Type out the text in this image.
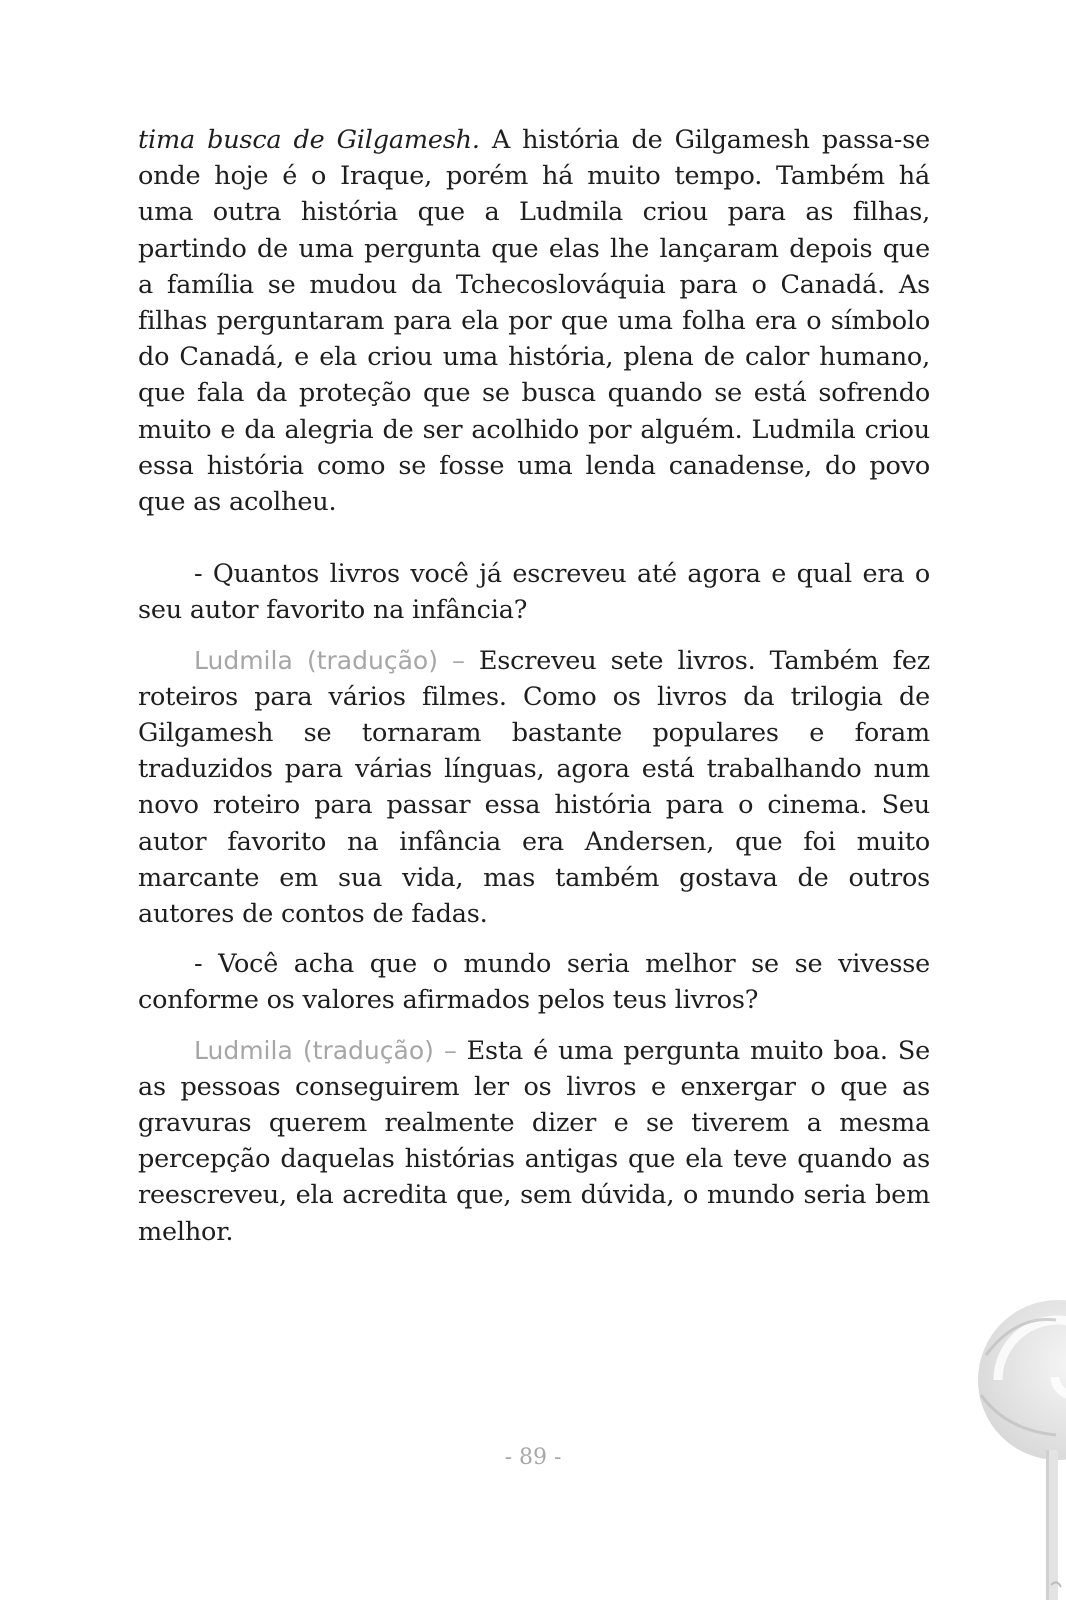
tima busca de Gilgamesh. A história de Gilgamesh passa-se onde hoje é o Iraque, porém há muito tempo. Também há uma outra história que a Ludmila criou para as filhas, partindo de uma pergunta que elas lhe lançaram depois que a família se mudou da Tchecoslováquia para o Canadá. As filhas perguntaram para ela por que uma folha era o símbolo do Canadá, e ela criou uma história, plena de calor humano, que fala da proteção que se busca quando se está sofrendo muito e da alegria de ser acolhido por alguém. Ludmila criou essa história como se fosse uma lenda canadense, do povo que as acolheu.

- Quantos livros você já escreveu até agora e qual era o seu autor favorito na infância?

Ludmila (tradução) – Escreveu sete livros. Também fez roteiros para vários filmes. Como os livros da trilogia de Gilgamesh se tornaram bastante populares e foram traduzidos para várias línguas, agora está trabalhando num novo roteiro para passar essa história para o cinema. Seu autor favorito na infância era Andersen, que foi muito marcante em sua vida, mas também gostava de outros autores de contos de fadas.

- Você acha que o mundo seria melhor se se vivesse conforme os valores afirmados pelos teus livros?

Ludmila (tradução) – Esta é uma pergunta muito boa. Se as pessoas conseguirem ler os livros e enxergar o que as gravuras querem realmente dizer e se tiverem a mesma percepção daquelas histórias antigas que ela teve quando as reescreveu, ela acredita que, sem dúvida, o mundo seria bem melhor.

- 89 -
